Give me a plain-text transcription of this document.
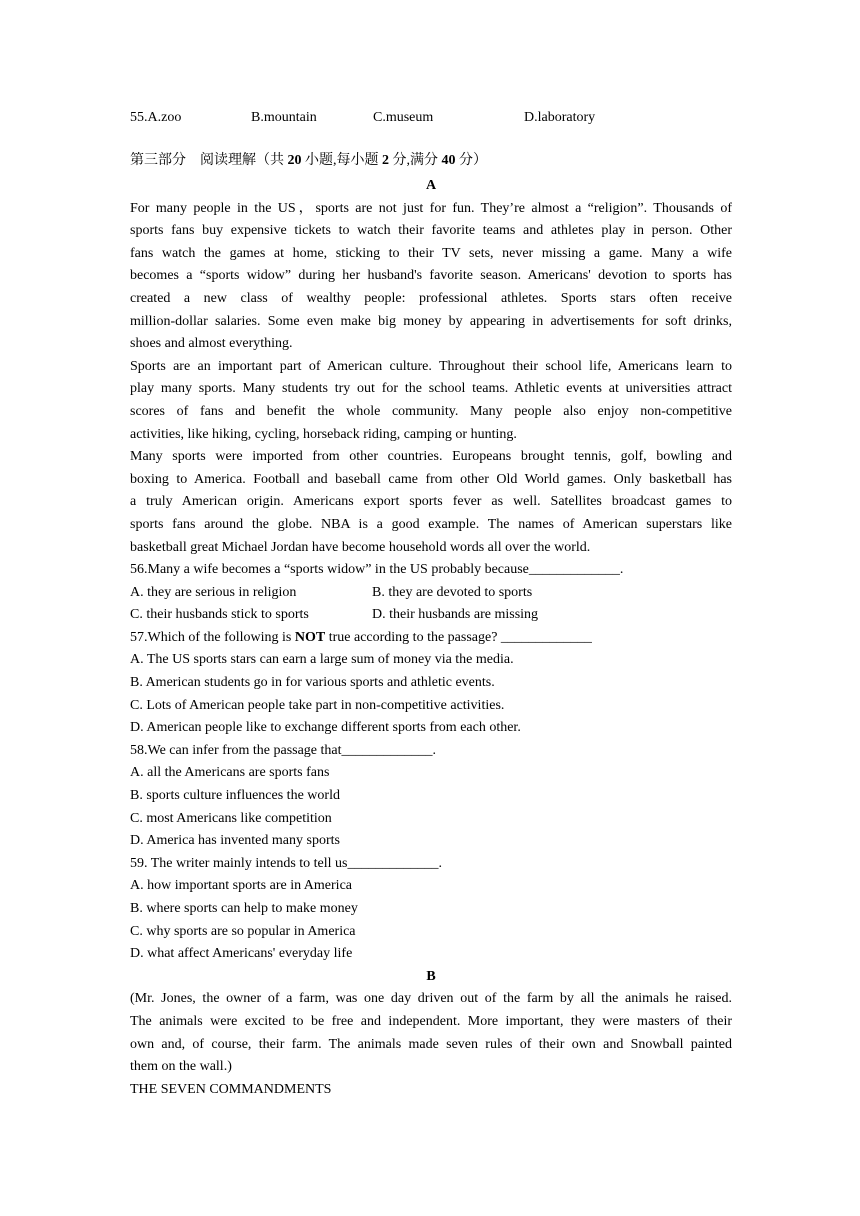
55.A.zoo	B.mountain	C.museum	D.laboratory
第三部分　阅读理解（共 20 小题,每小题 2 分,满分 40 分）
A
For many people in the US，sports are not just for fun. They’re almost a “religion”. Thousands of
sports fans buy expensive tickets to watch their favorite teams and athletes play in person. Other
fans watch the games at home, sticking to their TV sets, never missing a game. Many a wife
becomes a “sports widow” during her husband's favorite season. Americans' devotion to sports has
created a new class of wealthy people: professional athletes. Sports stars often receive
million-dollar salaries. Some even make big money by appearing in advertisements for soft drinks,
shoes and almost everything.
Sports are an important part of American culture. Throughout their school life, Americans learn to
play many sports. Many students try out for the school teams. Athletic events at universities attract
scores of fans and benefit the whole community. Many people also enjoy non-competitive
activities, like hiking, cycling, horseback riding, camping or hunting.
Many sports were imported from other countries. Europeans brought tennis, golf, bowling and
boxing to America. Football and baseball came from other Old World games. Only basketball has
a truly American origin. Americans export sports fever as well. Satellites broadcast games to
sports fans around the globe. NBA is a good example. The names of American superstars like
basketball great Michael Jordan have become household words all over the world.
56.Many a wife becomes a “sports widow” in the US probably because_____________.
A. they are serious in religion	B. they are devoted to sports
C. their husbands stick to sports	D. their husbands are missing
57.Which of the following is NOT true according to the passage? _____________
A. The US sports stars can earn a large sum of money via the media.
B. American students go in for various sports and athletic events.
C. Lots of American people take part in non-competitive activities.
D. American people like to exchange different sports from each other.
58.We can infer from the passage that_____________.
A. all the Americans are sports fans
B. sports culture influences the world
C. most Americans like competition
D. America has invented many sports
59. The writer mainly intends to tell us_____________.
A. how important sports are in America
B. where sports can help to make money
C. why sports are so popular in America
D. what affect Americans' everyday life
B
(Mr. Jones, the owner of a farm, was one day driven out of the farm by all the animals he raised.
The animals were excited to be free and independent. More important, they were masters of their
own and, of course, their farm. The animals made seven rules of their own and Snowball painted
them on the wall.)
THE SEVEN COMMANDMENTS
